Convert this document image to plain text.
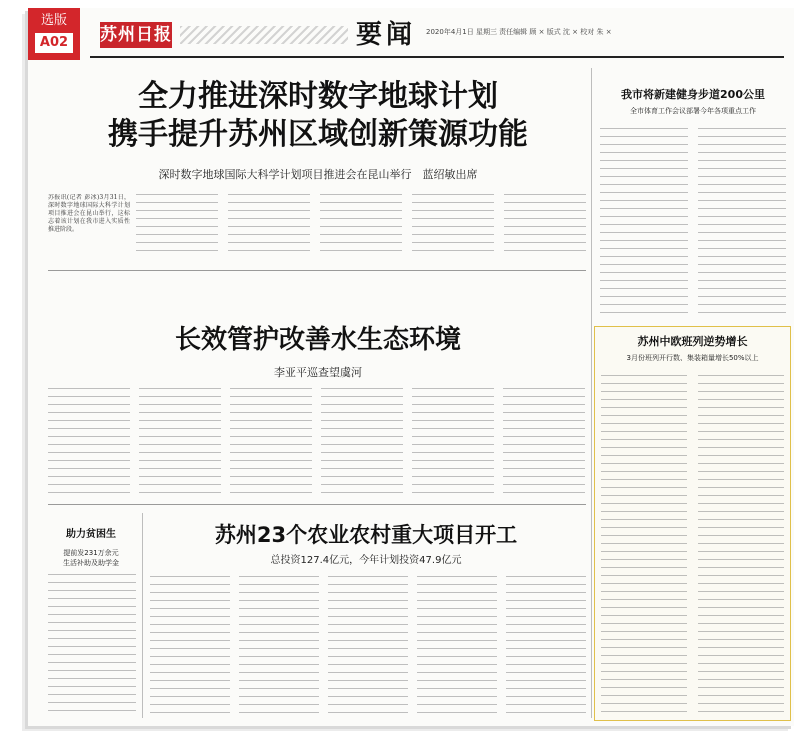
选版
A02 苏州日报	要闻 2020年4月1日 星期三 责任编辑 顾 × 版式 沈 × 校对 朱 ×
全力推进深时数字地球计划
携手提升苏州区域创新策源功能
深时数字地球国际大科学计划项目推进会在昆山举行　蓝绍敏出席
苏报讯(记者 彭冰)3月31日，深时数字地球国际大科学计划项目推进会在昆山举行，这标志着该计划在我市进入实质性推进阶段。
我市将新建健身步道200公里
全市体育工作会议部署今年各项重点工作
长效管护改善水生态环境
李亚平巡查望虞河
苏州中欧班列逆势增长
3月份班列开行数、集装箱量增长50%以上
助力贫困生
提前发231万余元
生活补助及助学金
苏州23个农业农村重大项目开工
总投资127.4亿元，今年计划投资47.9亿元
